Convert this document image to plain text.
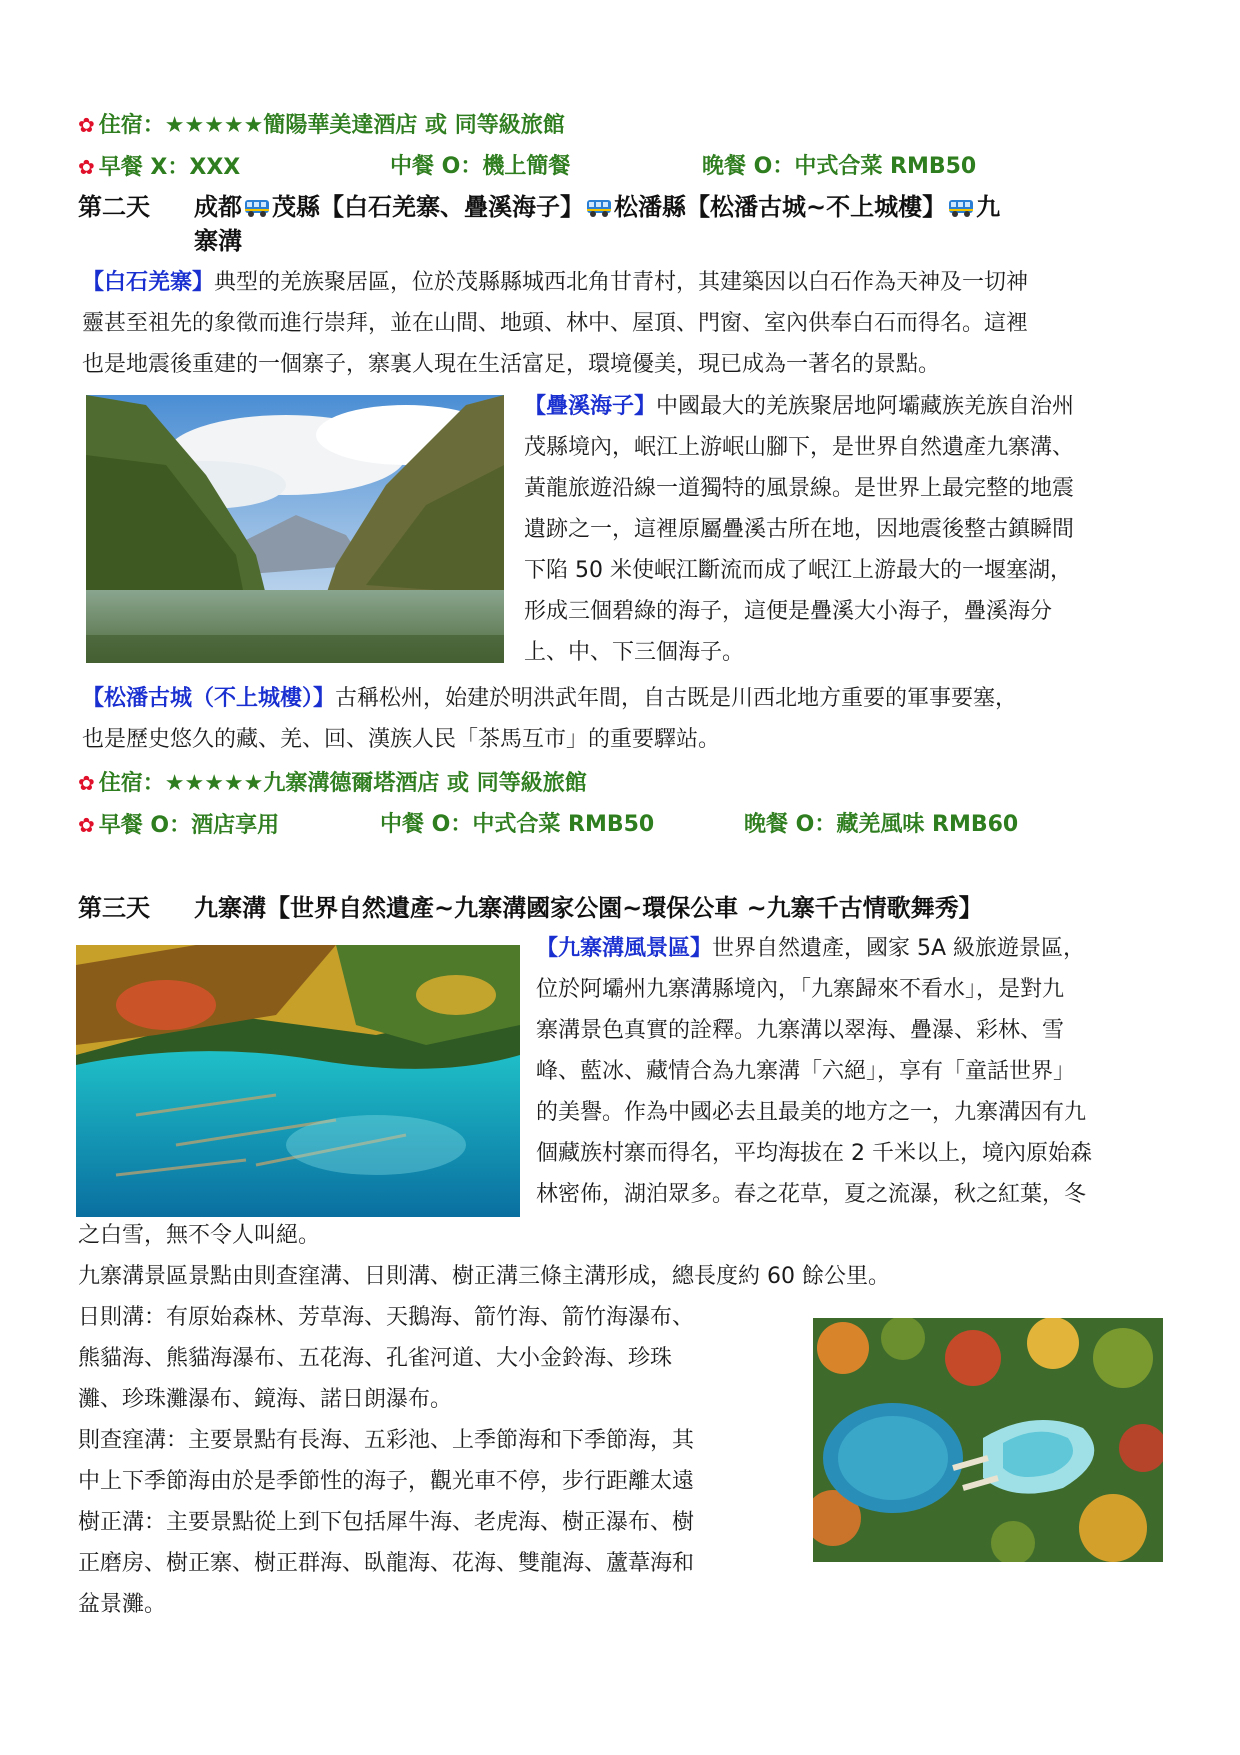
✿ 住宿：★★★★★簡陽華美達酒店 或 同等級旅館
✿ 早餐 X：XXX	中餐 O：機上簡餐	晚餐 O：中式合菜 RMB50
第二天 成都 茂縣【白石羌寨、疊溪海子】 松潘縣【松潘古城~不上城樓】 九
寨溝
【白石羌寨】典型的羌族聚居區，位於茂縣縣城西北角甘青村，其建築因以白石作為天神及一切神
靈甚至祖先的象徵而進行崇拜，並在山間、地頭、林中、屋頂、門窗、室內供奉白石而得名。這裡
也是地震後重建的一個寨子，寨裏人現在生活富足，環境優美，現已成為一著名的景點。
【疊溪海子】中國最大的羌族聚居地阿壩藏族羌族自治州
茂縣境內，岷江上游岷山腳下，是世界自然遺產九寨溝、
黃龍旅遊沿線一道獨特的風景線。是世界上最完整的地震
遺跡之一，這裡原屬疊溪古所在地，因地震後整古鎮瞬間
下陷 50 米使岷江斷流而成了岷江上游最大的一堰塞湖，
形成三個碧綠的海子，這便是疊溪大小海子，疊溪海分
上、中、下三個海子。
【松潘古城（不上城樓）】古稱松州，始建於明洪武年間，自古既是川西北地方重要的軍事要塞，
也是歷史悠久的藏、羌、回、漢族人民「茶馬互市」的重要驛站。
✿ 住宿：★★★★★九寨溝德爾塔酒店 或 同等級旅館
✿ 早餐 O：酒店享用	中餐 O：中式合菜 RMB50	晚餐 O：藏羌風味 RMB60
第三天 九寨溝【世界自然遺產~九寨溝國家公園~環保公車 ~九寨千古情歌舞秀】
【九寨溝風景區】世界自然遺產，國家 5A 級旅遊景區，
位於阿壩州九寨溝縣境內，「九寨歸來不看水」，是對九
寨溝景色真實的詮釋。九寨溝以翠海、疊瀑、彩林、雪
峰、藍冰、藏情合為九寨溝「六絕」，享有「童話世界」
的美譽。作為中國必去且最美的地方之一，九寨溝因有九
個藏族村寨而得名，平均海拔在 2 千米以上，境內原始森
林密佈，湖泊眾多。春之花草，夏之流瀑，秋之紅葉，冬
之白雪，無不令人叫絕。
九寨溝景區景點由則查窪溝、日則溝、樹正溝三條主溝形成，總長度約 60 餘公里。
日則溝：有原始森林、芳草海、天鵝海、箭竹海、箭竹海瀑布、
熊貓海、熊貓海瀑布、五花海、孔雀河道、大小金鈴海、珍珠
灘、珍珠灘瀑布、鏡海、諾日朗瀑布。
則查窪溝：主要景點有長海、五彩池、上季節海和下季節海，其
中上下季節海由於是季節性的海子，觀光車不停，步行距離太遠
樹正溝：主要景點從上到下包括犀牛海、老虎海、樹正瀑布、樹
正磨房、樹正寨、樹正群海、臥龍海、花海、雙龍海、蘆葦海和
盆景灘。
